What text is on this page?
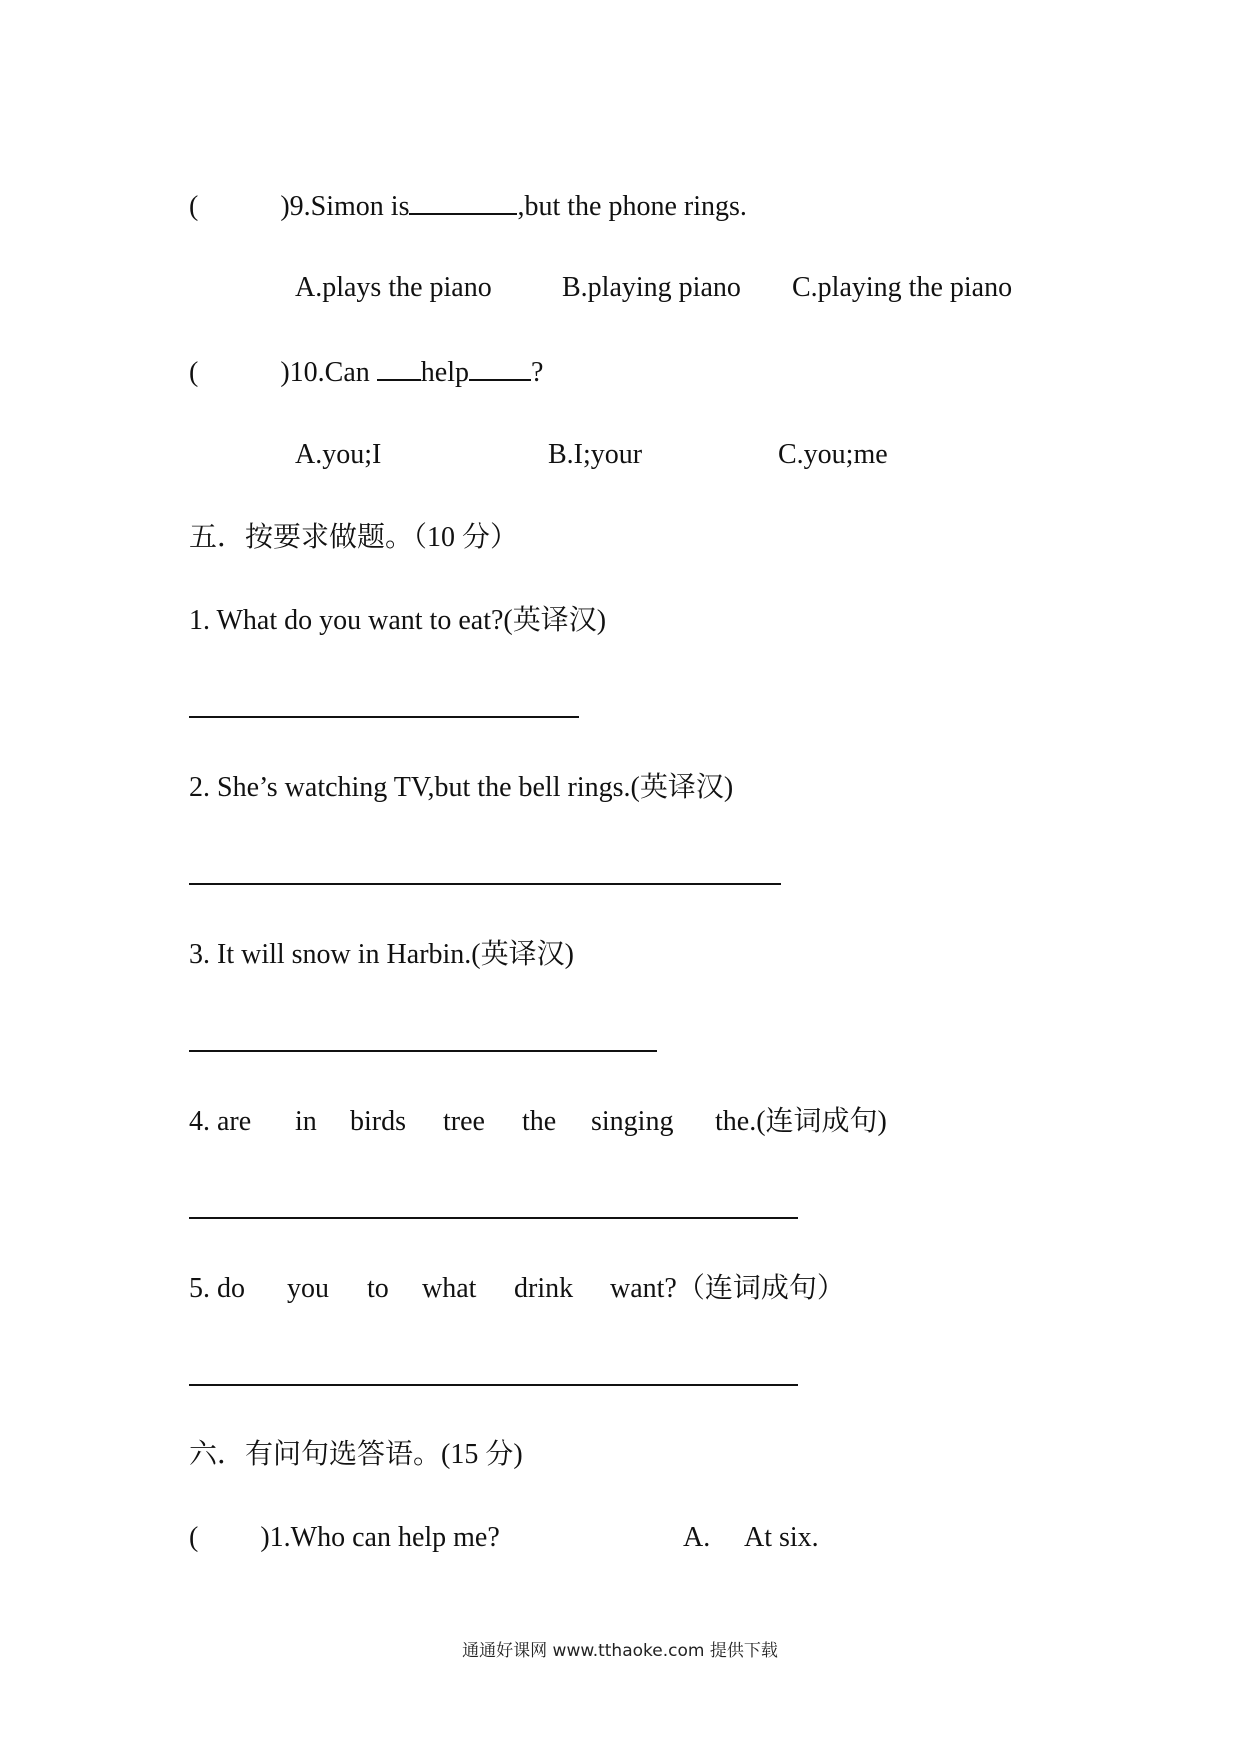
(	)9.Simon is	,but the phone rings.
A.plays the piano	B.playing piano C.playing the piano
(	)10.Can help ?
A.you;I	B.I;your	C.you;me
五．按要求做题。（10 分）
1. What do you want to eat?(英译汉)
2. She’s watching TV,but the bell rings.(英译汉)
3. It will snow in Harbin.(英译汉)
4. are in birds tree the singing the.(连词成句)
5. do you to what drink want?（连词成句）
六．有问句选答语。(15 分)
( )1.Who can help me?	A. At six.
通通好课网 www.tthaoke.com 提供下载
